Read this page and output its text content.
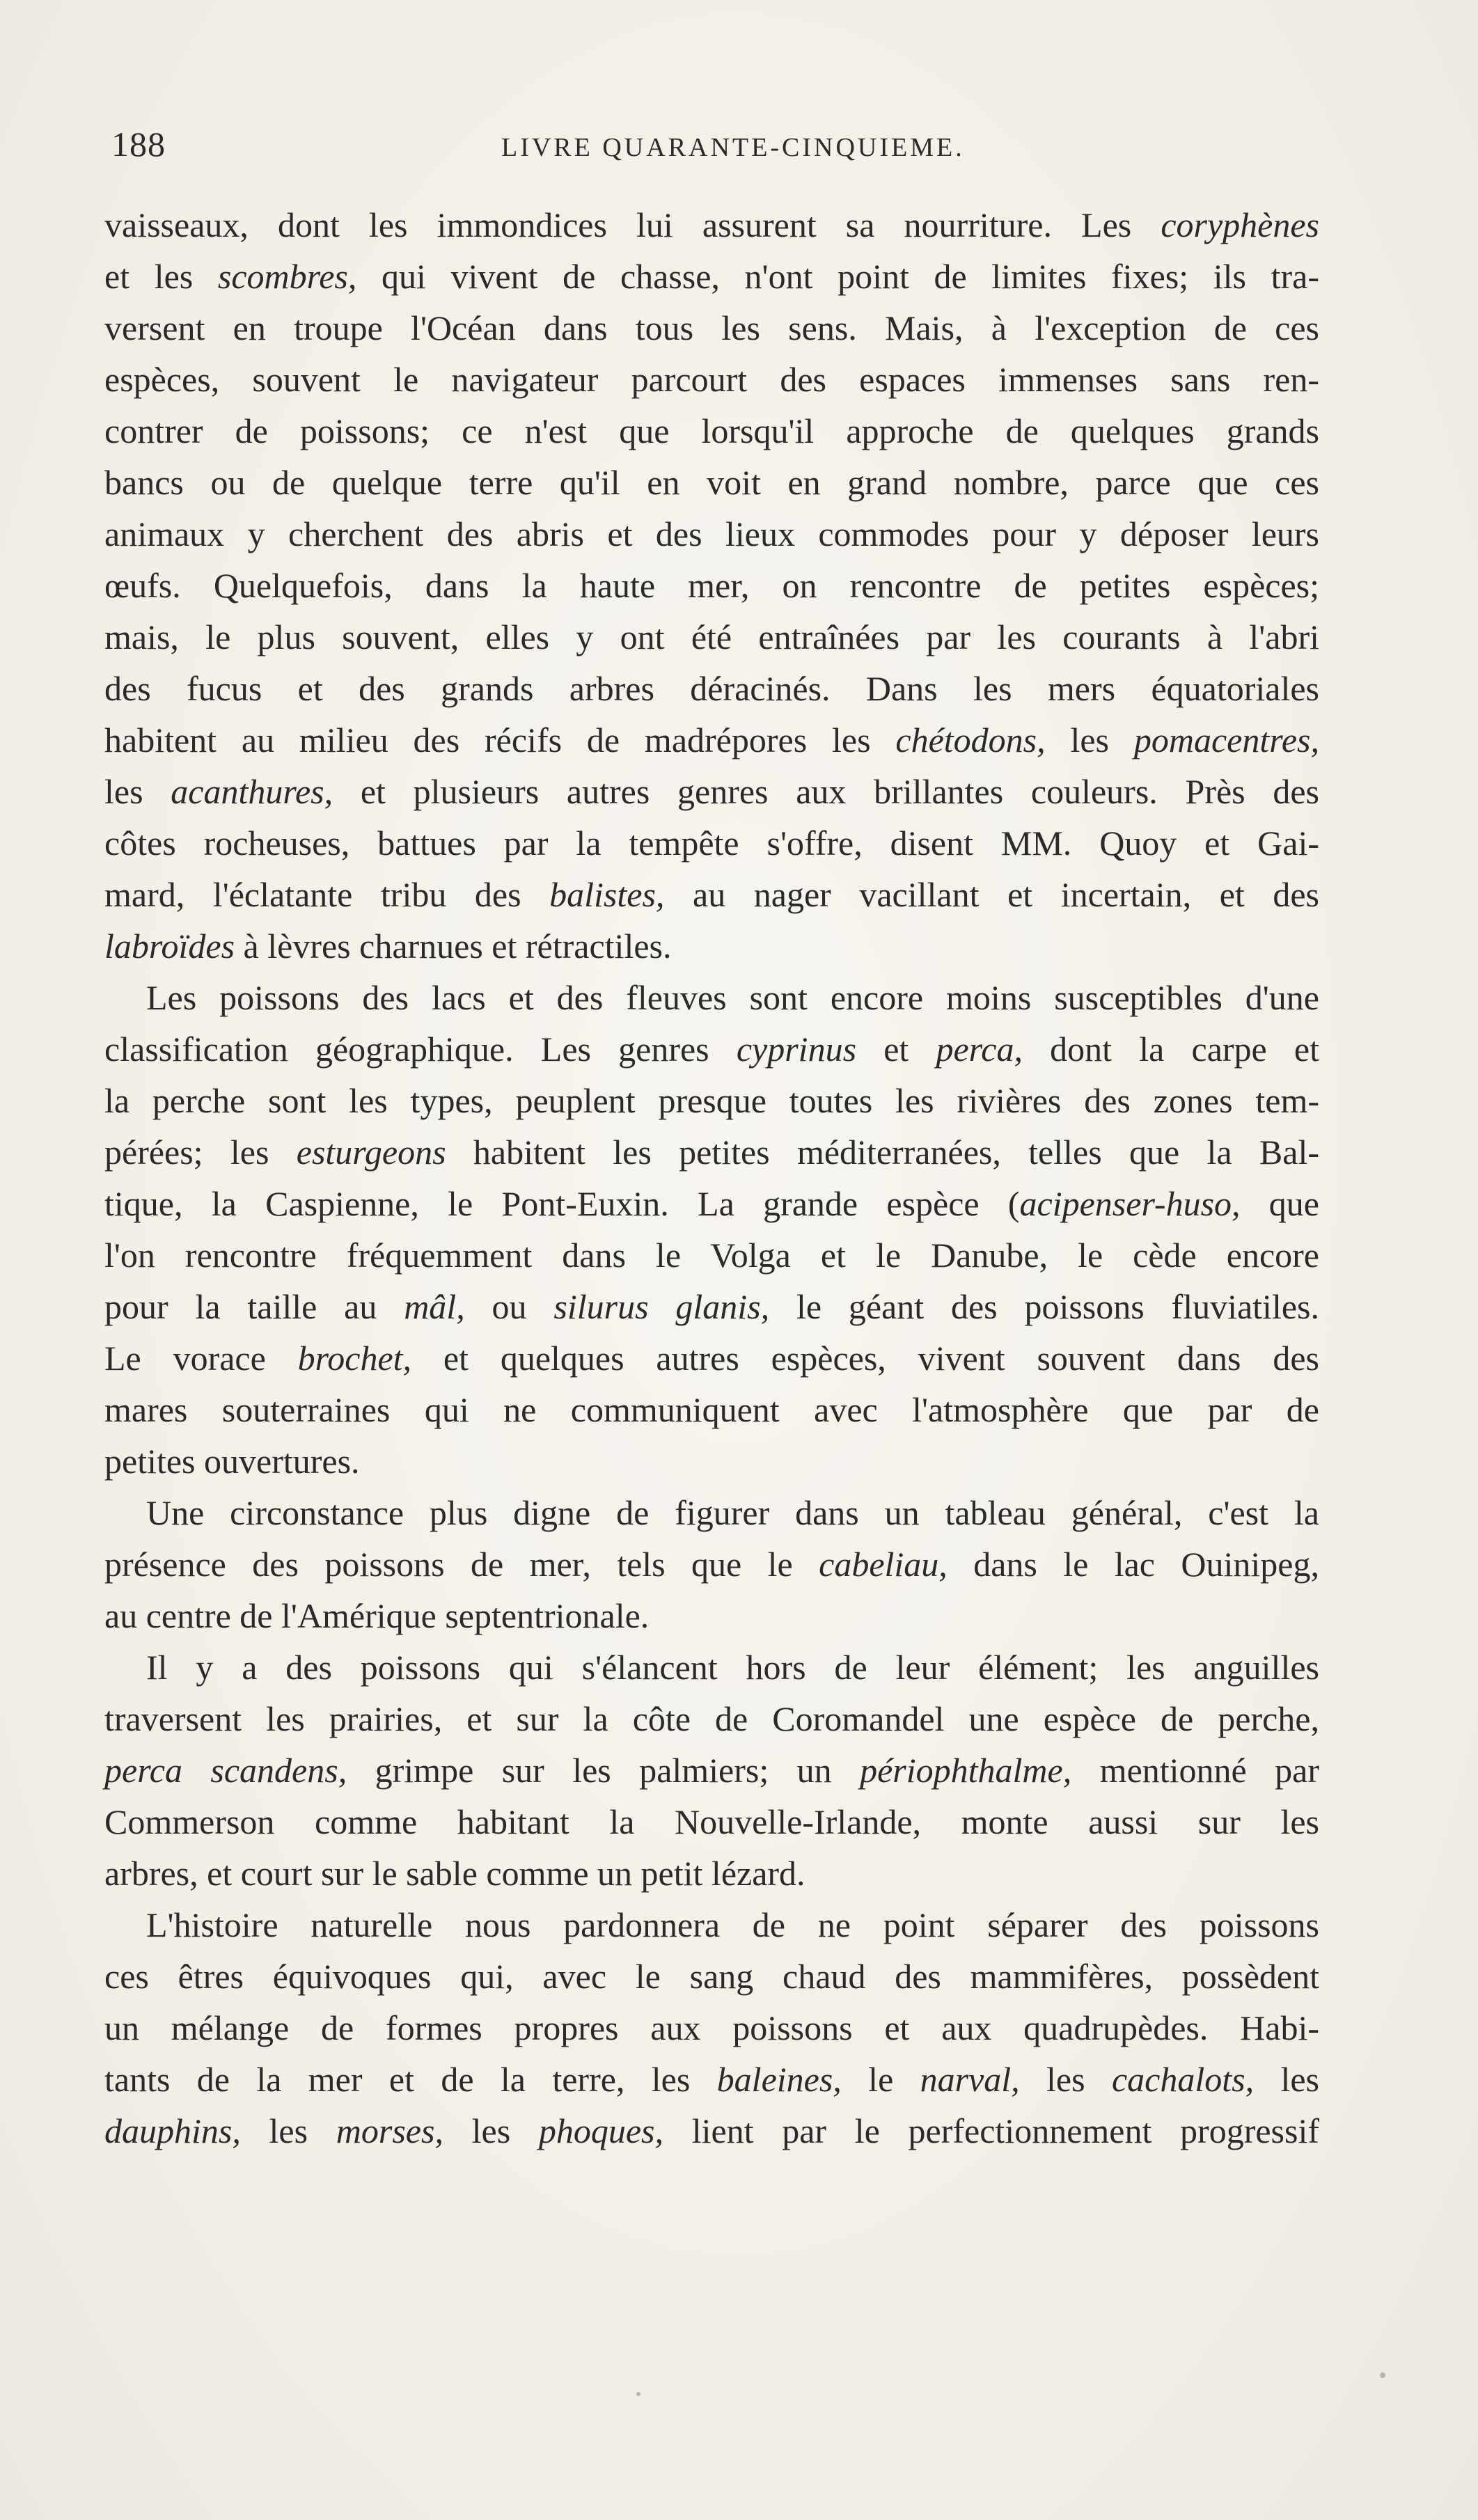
188	LIVRE QUARANTE-CINQUIEME.

vaisseaux, dont les immondices lui assurent sa nourriture. Les coryphènes

et les scombres, qui vivent de chasse, n'ont point de limites fixes; ils tra-

versent en troupe l'Océan dans tous les sens. Mais, à l'exception de ces

espèces, souvent le navigateur parcourt des espaces immenses sans ren-

contrer de poissons; ce n'est que lorsqu'il approche de quelques grands

bancs ou de quelque terre qu'il en voit en grand nombre, parce que ces

animaux y cherchent des abris et des lieux commodes pour y déposer leurs

œufs. Quelquefois, dans la haute mer, on rencontre de petites espèces;

mais, le plus souvent, elles y ont été entraînées par les courants à l'abri

des fucus et des grands arbres déracinés. Dans les mers équatoriales

habitent au milieu des récifs de madrépores les chétodons, les pomacentres,

les acanthures, et plusieurs autres genres aux brillantes couleurs. Près des

côtes rocheuses, battues par la tempête s'offre, disent MM. Quoy et Gai-

mard, l'éclatante tribu des balistes, au nager vacillant et incertain, et des

labroïdes à lèvres charnues et rétractiles.

Les poissons des lacs et des fleuves sont encore moins susceptibles d'une

classification géographique. Les genres cyprinus et perca, dont la carpe et

la perche sont les types, peuplent presque toutes les rivières des zones tem-

pérées; les esturgeons habitent les petites méditerranées, telles que la Bal-

tique, la Caspienne, le Pont-Euxin. La grande espèce (acipenser-huso, que

l'on rencontre fréquemment dans le Volga et le Danube, le cède encore

pour la taille au mâl, ou silurus glanis, le géant des poissons fluviatiles.

Le vorace brochet, et quelques autres espèces, vivent souvent dans des

mares souterraines qui ne communiquent avec l'atmosphère que par de

petites ouvertures.

Une circonstance plus digne de figurer dans un tableau général, c'est la

présence des poissons de mer, tels que le cabeliau, dans le lac Ouinipeg,

au centre de l'Amérique septentrionale.

Il y a des poissons qui s'élancent hors de leur élément; les anguilles

traversent les prairies, et sur la côte de Coromandel une espèce de perche,

perca scandens, grimpe sur les palmiers; un périophthalme, mentionné par

Commerson comme habitant la Nouvelle-Irlande, monte aussi sur les

arbres, et court sur le sable comme un petit lézard.

L'histoire naturelle nous pardonnera de ne point séparer des poissons

ces êtres équivoques qui, avec le sang chaud des mammifères, possèdent

un mélange de formes propres aux poissons et aux quadrupèdes. Habi-

tants de la mer et de la terre, les baleines, le narval, les cachalots, les

dauphins, les morses, les phoques, lient par le perfectionnement progressif
